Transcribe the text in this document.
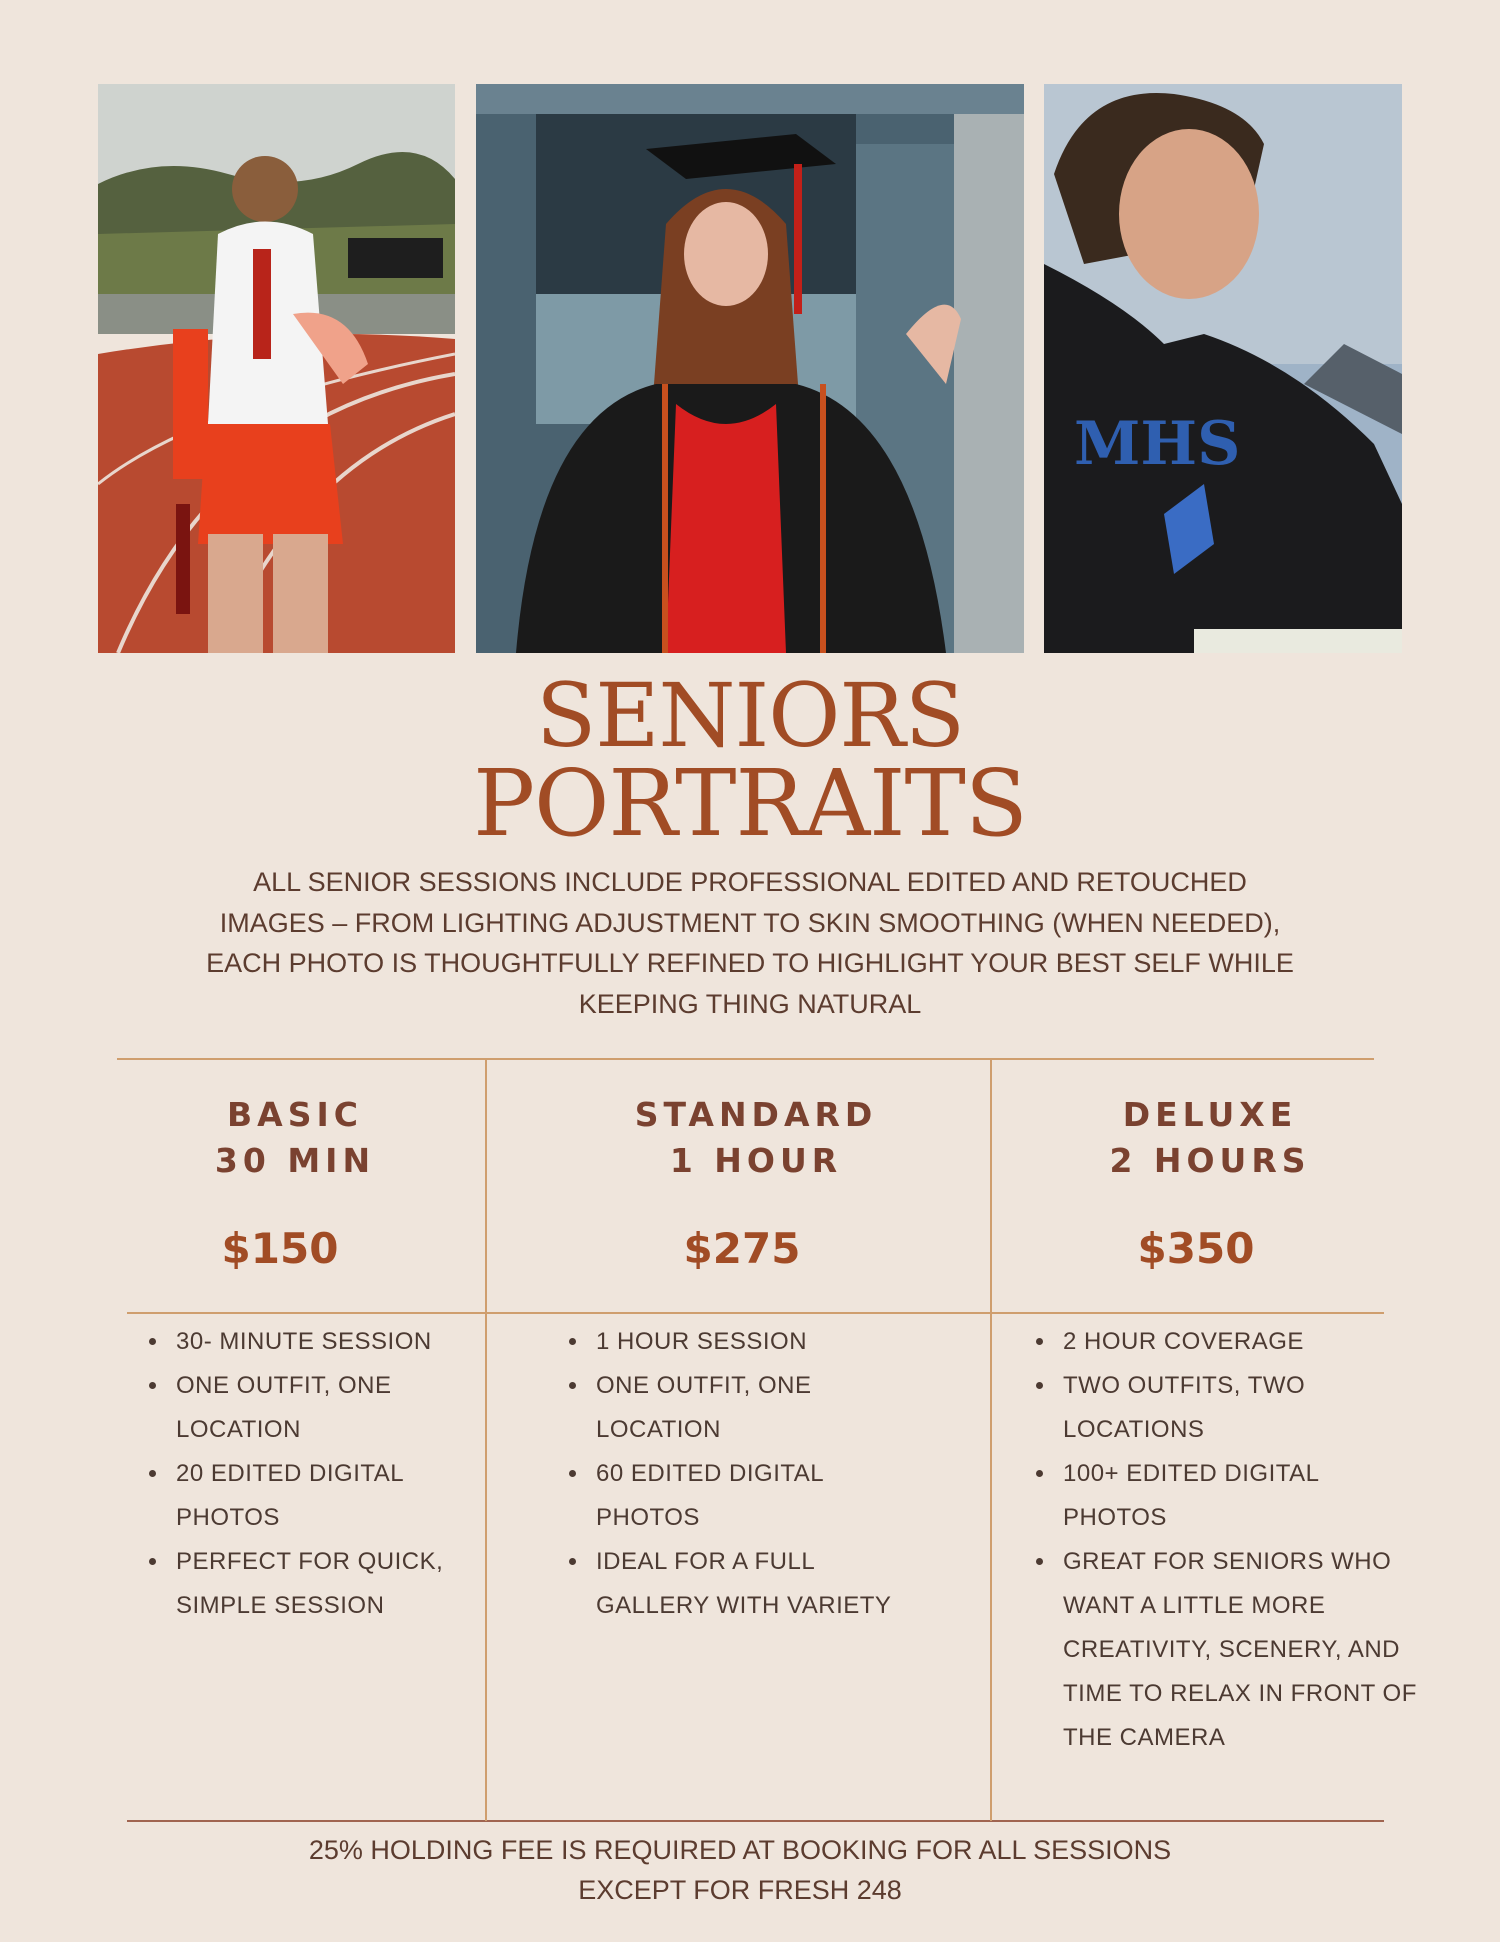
MHS
SENIORS
PORTRAITS
ALL SENIOR SESSIONS INCLUDE PROFESSIONAL EDITED AND RETOUCHED
IMAGES – FROM LIGHTING ADJUSTMENT TO SKIN SMOOTHING (WHEN NEEDED),
EACH PHOTO IS THOUGHTFULLY REFINED TO HIGHLIGHT YOUR BEST SELF WHILE
KEEPING THING NATURAL
BASIC
30 MIN
$150
• 30- MINUTE SESSION
• ONE OUTFIT, ONE LOCATION
• 20 EDITED DIGITAL PHOTOS
• PERFECT FOR QUICK, SIMPLE SESSION
STANDARD
1 HOUR
$275
• 1 HOUR SESSION
• ONE OUTFIT, ONE LOCATION
• 60 EDITED DIGITAL PHOTOS
• IDEAL FOR A FULL GALLERY WITH VARIETY
DELUXE
2 HOURS
$350
• 2 HOUR COVERAGE
• TWO OUTFITS, TWO LOCATIONS
• 100+ EDITED DIGITAL PHOTOS
• GREAT FOR SENIORS WHO WANT A LITTLE MORE CREATIVITY, SCENERY, AND TIME TO RELAX IN FRONT OF THE CAMERA
25% HOLDING FEE IS REQUIRED AT BOOKING FOR ALL SESSIONS
EXCEPT FOR FRESH 248
